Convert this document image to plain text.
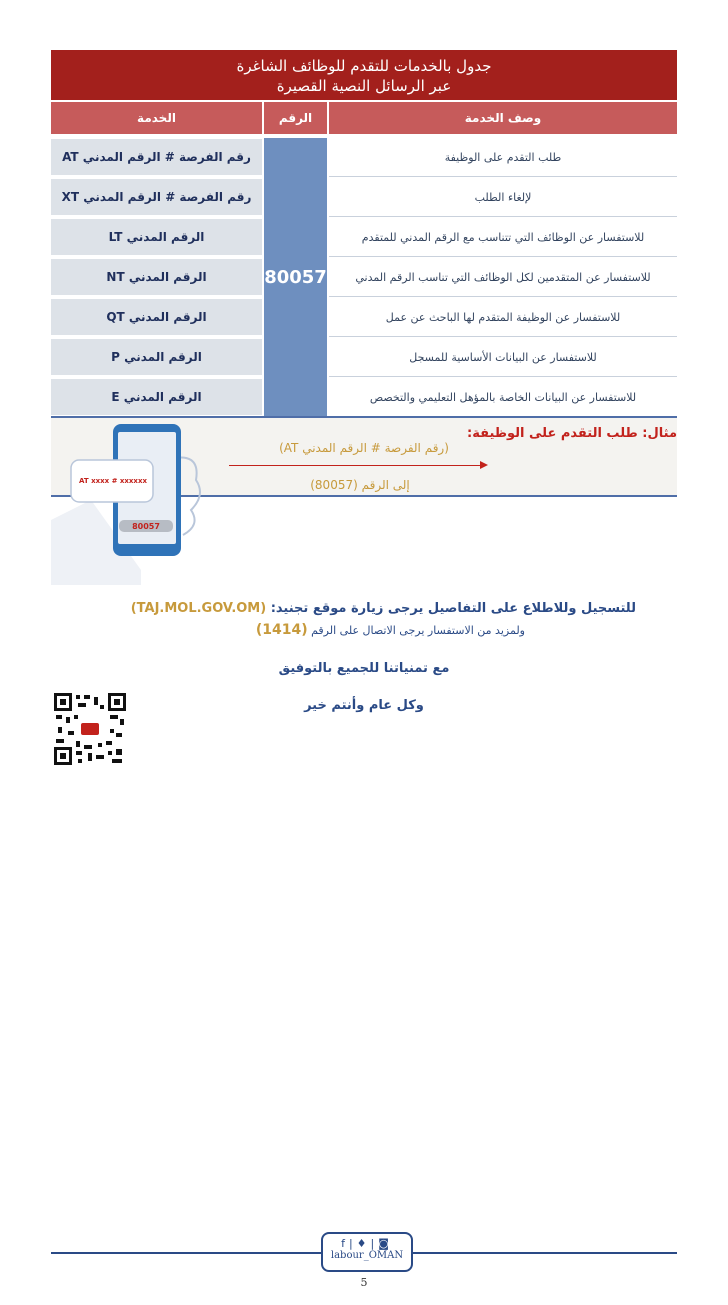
جدول بالخدمات للتقدم للوظائف الشاغرة
عبر الرسائل النصية القصيرة
الخدمة	الرقم	وصف الخدمة
رقم الفرصة # الرقم المدني AT
رقم الفرصة # الرقم المدني XT
الرقم المدني LT
الرقم المدني NT
الرقم المدني QT
الرقم المدني P
الرقم المدني E
80057
طلب التقدم على الوظيفة
لإلغاء الطلب
للاستفسار عن الوظائف التي تتناسب مع الرقم المدني للمتقدم
للاستفسار عن المتقدمين لكل الوظائف التي تناسب الرقم المدني
للاستفسار عن الوظيفة المتقدم لها الباحث عن عمل
للاستفسار عن البيانات الأساسية للمسجل
للاستفسار عن البيانات الخاصة بالمؤهل التعليمي والتخصص
AT xxxx # xxxxxx
80057
مثال: طلب التقدم على الوظيفة:
(رقم الفرصة # الرقم المدني AT)
إلى الرقم (80057)
للتسجيل وللاطلاع على التفاصيل يرجى زيارة موقع تجنيد: (TAJ.MOL.GOV.OM)
ولمزيد من الاستفسار يرجى الاتصال على الرقم (1414)
مع تمنياتنا للجميع بالتوفيق
وكل عام وأنتم خير
f|♦|◙
labour_OMAN
5
